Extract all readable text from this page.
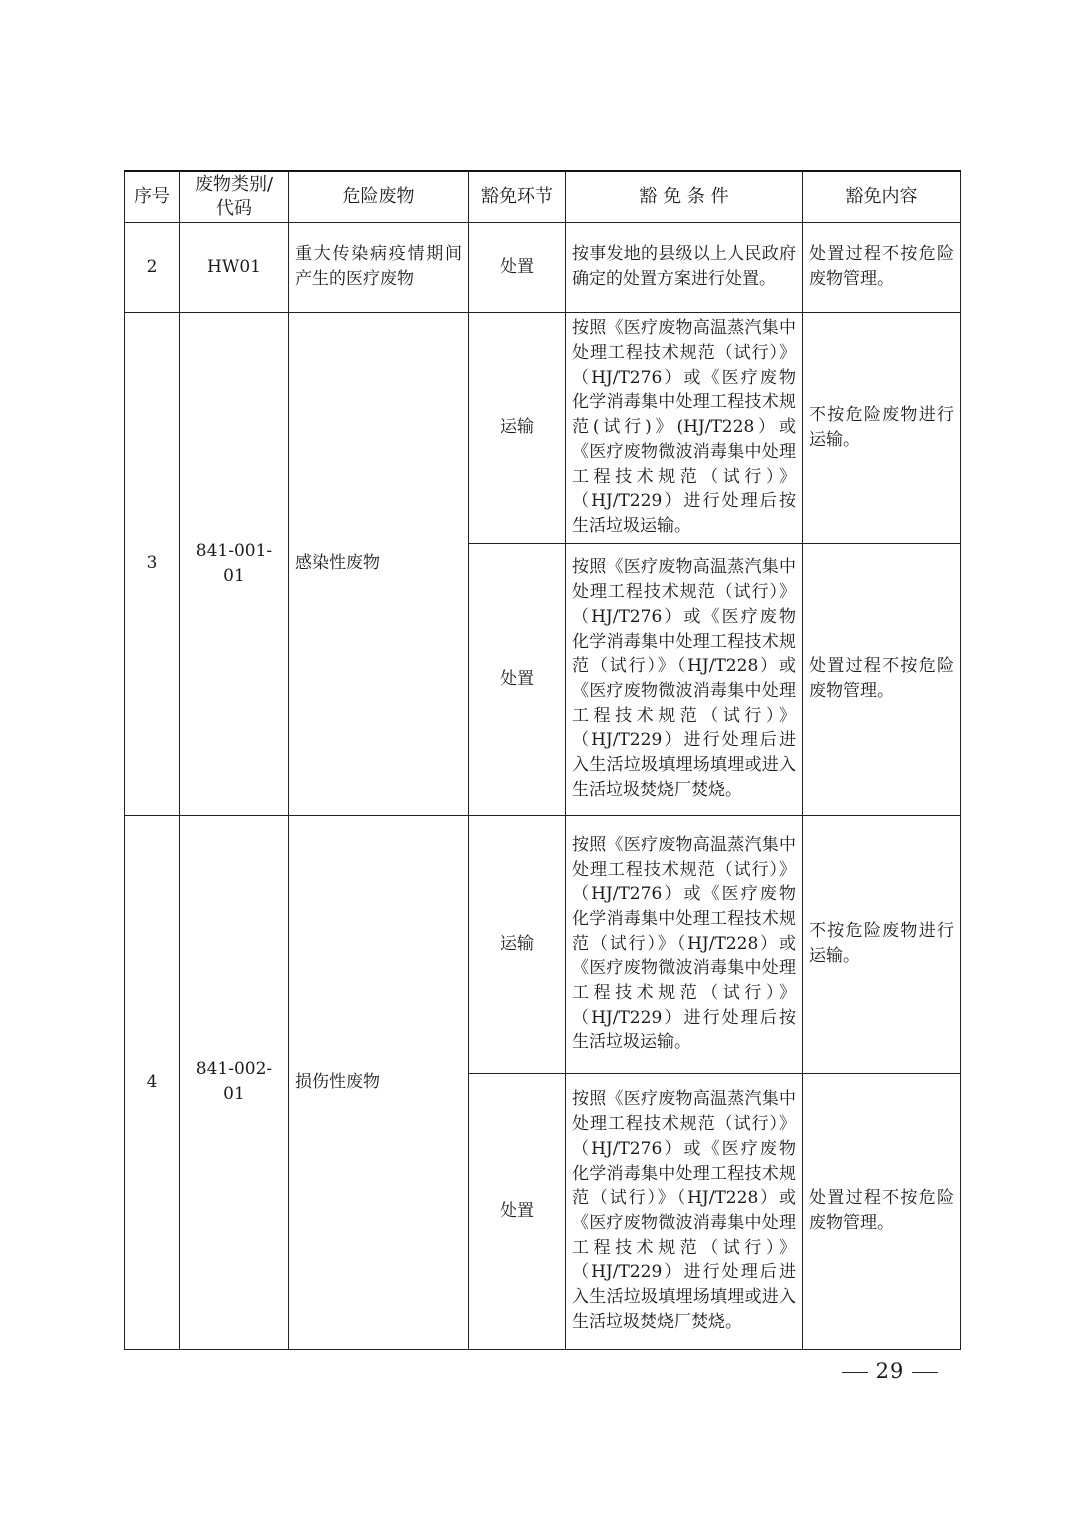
序号	废物类别/代码	危险废物	豁免环节	豁 免 条 件	豁免内容
2	HW01	重大传染病疫情期间产生的医疗废物	处置	按事发地的县级以上人民政府确定的处置方案进行处置。	处置过程不按危险废物管理。
3	841-001-01	感染性废物	运输	按照《医疗废物高温蒸汽集中处理工程技术规范（试行）》（HJ/T276）或《医疗废物化学消毒集中处理工程技术规范(试行)》(HJ/T228）或《医疗废物微波消毒集中处理工程技术规范（试行）》（HJ/T229）进行处理后按生活垃圾运输。	不按危险废物进行运输。
			处置	按照《医疗废物高温蒸汽集中处理工程技术规范（试行）》（HJ/T276）或《医疗废物化学消毒集中处理工程技术规范（试行）》（HJ/T228）或《医疗废物微波消毒集中处理工程技术规范（试行）》（HJ/T229）进行处理后进入生活垃圾填埋场填埋或进入生活垃圾焚烧厂焚烧。	处置过程不按危险废物管理。
4	841-002-01	损伤性废物	运输	按照《医疗废物高温蒸汽集中处理工程技术规范（试行）》（HJ/T276）或《医疗废物化学消毒集中处理工程技术规范（试行）》（HJ/T228）或《医疗废物微波消毒集中处理工程技术规范（试行）》（HJ/T229）进行处理后按生活垃圾运输。	不按危险废物进行运输。
			处置	按照《医疗废物高温蒸汽集中处理工程技术规范（试行）》（HJ/T276）或《医疗废物化学消毒集中处理工程技术规范（试行）》（HJ/T228）或《医疗废物微波消毒集中处理工程技术规范（试行）》（HJ/T229）进行处理后进入生活垃圾填埋场填埋或进入生活垃圾焚烧厂焚烧。	处置过程不按危险废物管理。
29
